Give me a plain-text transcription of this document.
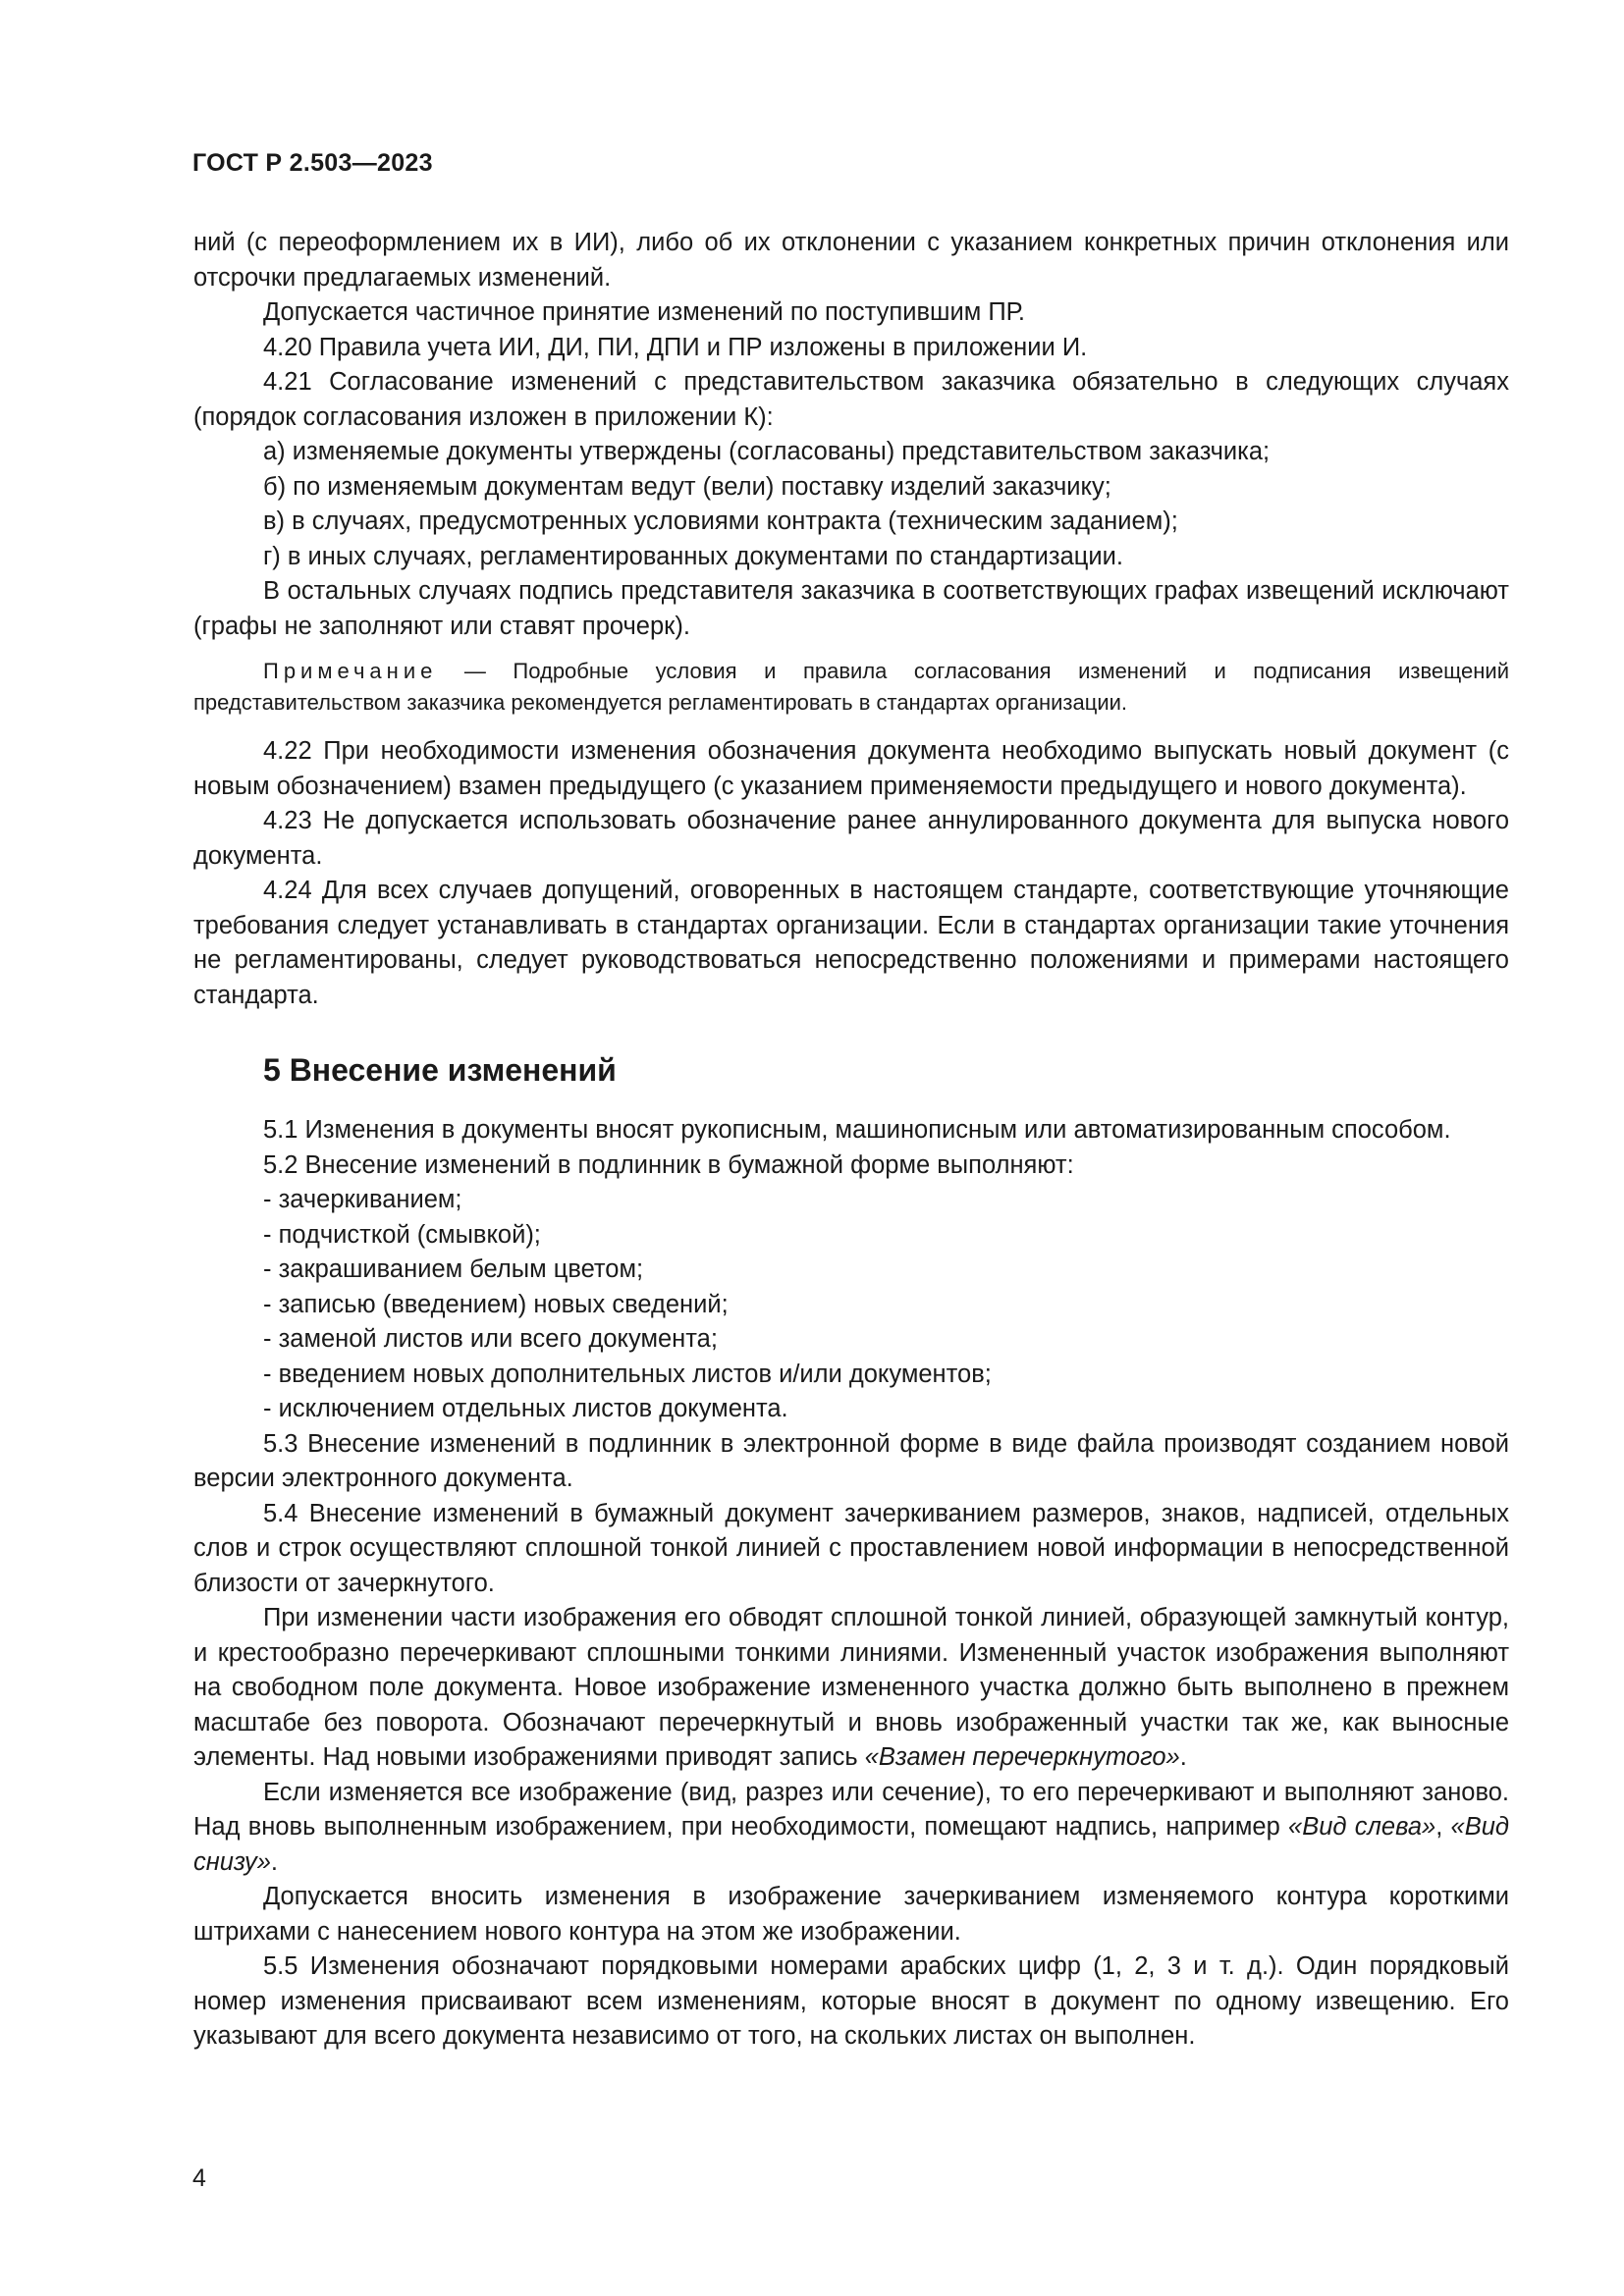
ГОСТ Р 2.503—2023

ний (с переоформлением их в ИИ), либо об их отклонении с указанием конкретных причин отклонения или отсрочки предлагаемых изменений.

Допускается частичное принятие изменений по поступившим ПР.

4.20 Правила учета ИИ, ДИ, ПИ, ДПИ и ПР изложены в приложении И.

4.21 Согласование изменений с представительством заказчика обязательно в следующих случаях (порядок согласования изложен в приложении К):

а) изменяемые документы утверждены (согласованы) представительством заказчика;

б) по изменяемым документам ведут (вели) поставку изделий заказчику;

в) в случаях, предусмотренных условиями контракта (техническим заданием);

г) в иных случаях, регламентированных документами по стандартизации.

В остальных случаях подпись представителя заказчика в соответствующих графах извещений исключают (графы не заполняют или ставят прочерк).

Примечание — Подробные условия и правила согласования изменений и подписания извещений представительством заказчика рекомендуется регламентировать в стандартах организации.

4.22 При необходимости изменения обозначения документа необходимо выпускать новый документ (с новым обозначением) взамен предыдущего (с указанием применяемости предыдущего и нового документа).

4.23 Не допускается использовать обозначение ранее аннулированного документа для выпуска нового документа.

4.24 Для всех случаев допущений, оговоренных в настоящем стандарте, соответствующие уточняющие требования следует устанавливать в стандартах организации. Если в стандартах организации такие уточнения не регламентированы, следует руководствоваться непосредственно положениями и примерами настоящего стандарта.

5 Внесение изменений

5.1 Изменения в документы вносят рукописным, машинописным или автоматизированным способом.

5.2 Внесение изменений в подлинник в бумажной форме выполняют:

- зачеркиванием;

- подчисткой (смывкой);

- закрашиванием белым цветом;

- записью (введением) новых сведений;

- заменой листов или всего документа;

- введением новых дополнительных листов и/или документов;

- исключением отдельных листов документа.

5.3 Внесение изменений в подлинник в электронной форме в виде файла производят созданием новой версии электронного документа.

5.4 Внесение изменений в бумажный документ зачеркиванием размеров, знаков, надписей, отдельных слов и строк осуществляют сплошной тонкой линией с проставлением новой информации в непосредственной близости от зачеркнутого.

При изменении части изображения его обводят сплошной тонкой линией, образующей замкнутый контур, и крестообразно перечеркивают сплошными тонкими линиями. Измененный участок изображения выполняют на свободном поле документа. Новое изображение измененного участка должно быть выполнено в прежнем масштабе без поворота. Обозначают перечеркнутый и вновь изображенный участки так же, как выносные элементы. Над новыми изображениями приводят запись «Взамен перечеркнутого».

Если изменяется все изображение (вид, разрез или сечение), то его перечеркивают и выполняют заново. Над вновь выполненным изображением, при необходимости, помещают надпись, например «Вид слева», «Вид снизу».

Допускается вносить изменения в изображение зачеркиванием изменяемого контура короткими штрихами с нанесением нового контура на этом же изображении.

5.5 Изменения обозначают порядковыми номерами арабских цифр (1, 2, 3 и т. д.). Один порядковый номер изменения присваивают всем изменениям, которые вносят в документ по одному извещению. Его указывают для всего документа независимо от того, на скольких листах он выполнен.

4
